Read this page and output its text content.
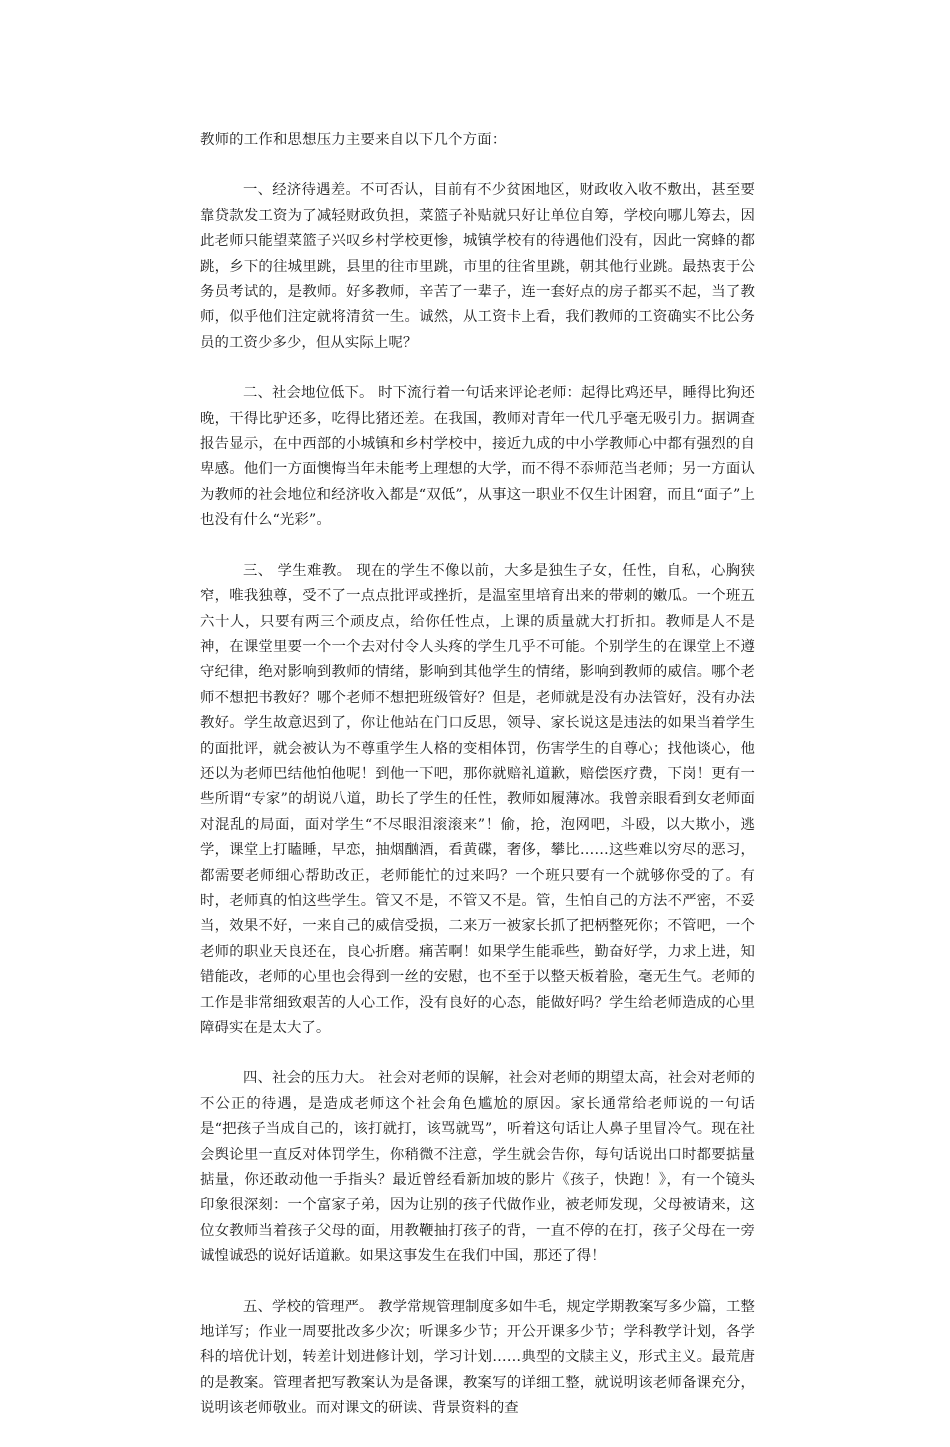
教师的工作和思想压力主要来自以下几个方面：

一、经济待遇差。不可否认，目前有不少贫困地区，财政收入收不敷出，甚至要靠贷款发工资为了减轻财政负担，菜篮子补贴就只好让单位自筹，学校向哪儿筹去，因此老师只能望菜篮子兴叹乡村学校更惨，城镇学校有的待遇他们没有，因此一窝蜂的都跳，乡下的往城里跳，县里的往市里跳，市里的往省里跳，朝其他行业跳。最热衷于公务员考试的，是教师。好多教师，辛苦了一辈子，连一套好点的房子都买不起，当了教师，似乎他们注定就将清贫一生。诚然，从工资卡上看，我们教师的工资确实不比公务员的工资少多少，但从实际上呢？

二、社会地位低下。 时下流行着一句话来评论老师：起得比鸡还早，睡得比狗还晚，干得比驴还多，吃得比猪还差。在我国，教师对青年一代几乎毫无吸引力。据调查报告显示，在中西部的小城镇和乡村学校中，接近九成的中小学教师心中都有强烈的自卑感。他们一方面懊悔当年未能考上理想的大学，而不得不忝师范当老师；另一方面认为教师的社会地位和经济收入都是“双低”，从事这一职业不仅生计困窘，而且“面子”上也没有什么“光彩”。

三、 学生难教。 现在的学生不像以前，大多是独生子女，任性，自私，心胸狭窄，唯我独尊，受不了一点点批评或挫折，是温室里培育出来的带刺的嫩瓜。一个班五六十人，只要有两三个顽皮点，给你任性点，上课的质量就大打折扣。教师是人不是神，在课堂里要一个一个去对付令人头疼的学生几乎不可能。个别学生的在课堂上不遵守纪律，绝对影响到教师的情绪，影响到其他学生的情绪，影响到教师的威信。哪个老师不想把书教好？哪个老师不想把班级管好？但是，老师就是没有办法管好，没有办法教好。学生故意迟到了，你让他站在门口反思，领导、家长说这是违法的如果当着学生的面批评，就会被认为不尊重学生人格的变相体罚，伤害学生的自尊心；找他谈心，他还以为老师巴结他怕他呢！到他一下吧，那你就赔礼道歉，赔偿医疗费，下岗！更有一些所谓“专家”的胡说八道，助长了学生的任性，教师如履薄冰。我曾亲眼看到女老师面对混乱的局面，面对学生“不尽眼泪滚滚来”！偷，抢，泡网吧，斗殴，以大欺小，逃学，课堂上打瞌睡，早恋，抽烟酗酒，看黄碟，奢侈，攀比……这些难以穷尽的恶习，都需要老师细心帮助改正，老师能忙的过来吗？一个班只要有一个就够你受的了。有时，老师真的怕这些学生。管又不是，不管又不是。管，生怕自己的方法不严密，不妥当，效果不好，一来自己的威信受损，二来万一被家长抓了把柄整死你；不管吧，一个老师的职业天良还在，良心折磨。痛苦啊！如果学生能乖些，勤奋好学，力求上进，知错能改，老师的心里也会得到一丝的安慰，也不至于以整天板着脸，毫无生气。老师的工作是非常细致艰苦的人心工作，没有良好的心态，能做好吗？学生给老师造成的心里障碍实在是太大了。

四、社会的压力大。 社会对老师的误解，社会对老师的期望太高，社会对老师的不公正的待遇，是造成老师这个社会角色尴尬的原因。家长通常给老师说的一句话是“把孩子当成自己的，该打就打，该骂就骂”，听着这句话让人鼻子里冒冷气。现在社会舆论里一直反对体罚学生，你稍微不注意，学生就会告你，每句话说出口时都要掂量掂量，你还敢动他一手指头？最近曾经看新加坡的影片《孩子，快跑！》，有一个镜头印象很深刻：一个富家子弟，因为让别的孩子代做作业，被老师发现，父母被请来，这位女教师当着孩子父母的面，用教鞭抽打孩子的背，一直不停的在打，孩子父母在一旁诚惶诚恐的说好话道歉。如果这事发生在我们中国，那还了得！

五、学校的管理严。 教学常规管理制度多如牛毛，规定学期教案写多少篇，工整地详写；作业一周要批改多少次；听课多少节；开公开课多少节；学科教学计划，各学科的培优计划，转差计划进修计划，学习计划……典型的文牍主义，形式主义。最荒唐的是教案。管理者把写教案认为是备课，教案写的详细工整，就说明该老师备课充分，说明该老师敬业。而对课文的研读、背景资料的查
